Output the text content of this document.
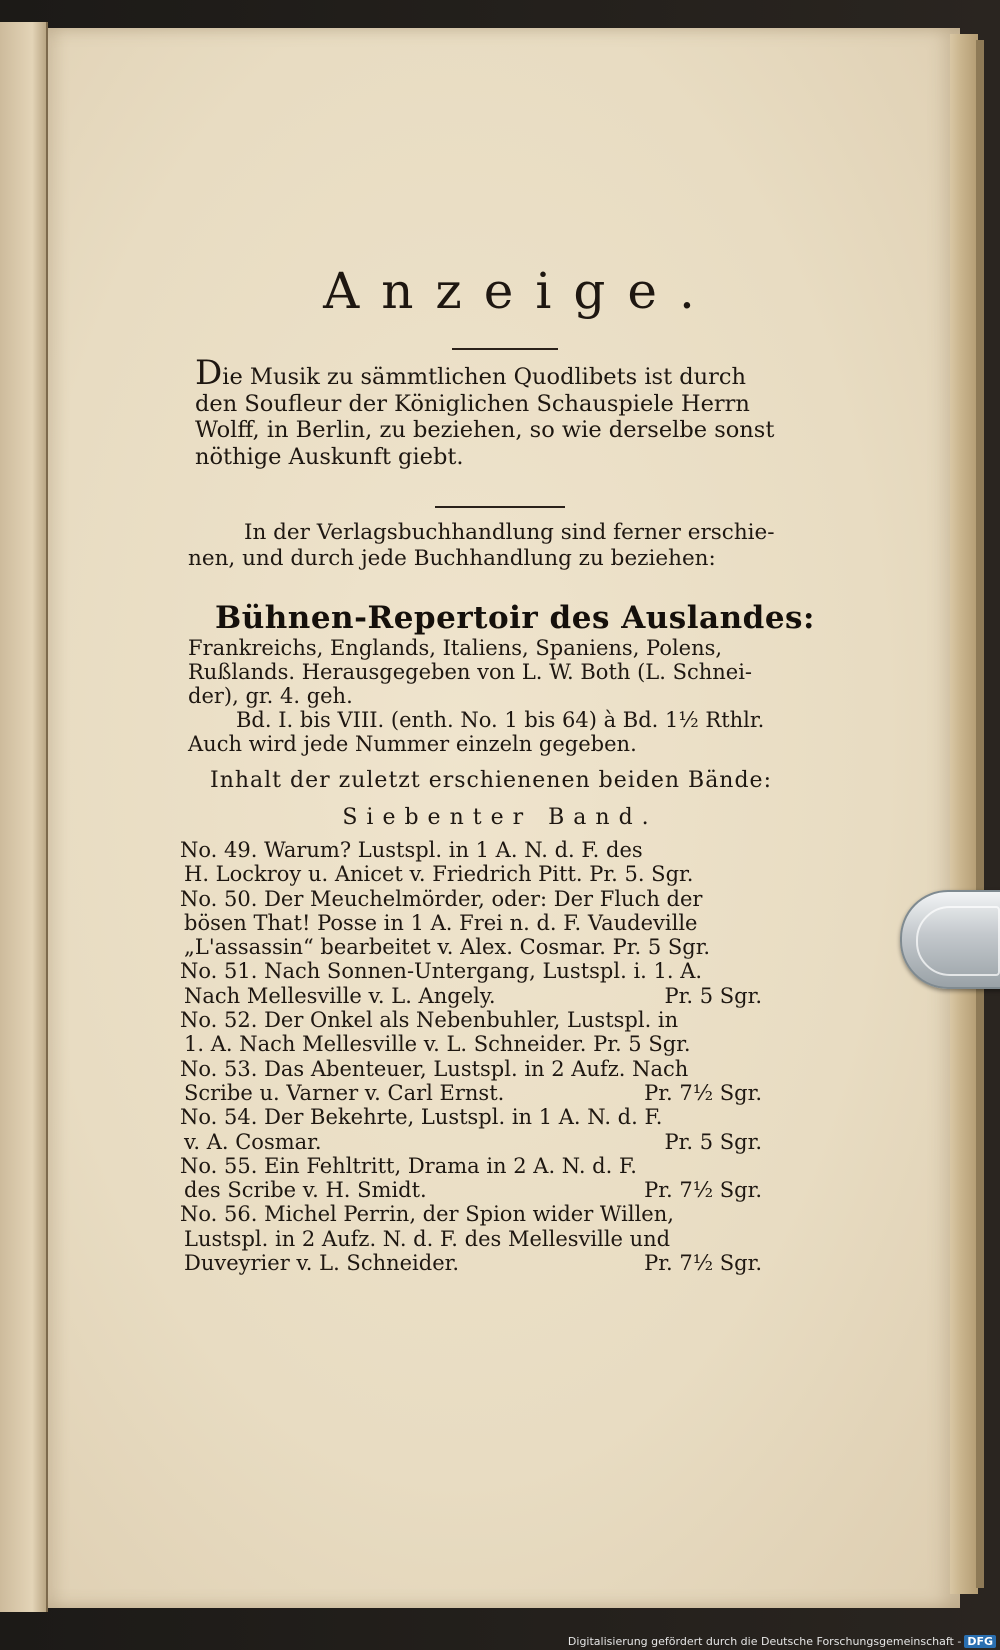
Anzeige.
Die Musik zu sämmtlichen Quodlibets ist durch
den Soufleur der Königlichen Schauspiele Herrn
Wolff, in Berlin, zu beziehen, so wie derselbe sonst
nöthige Auskunft giebt.
In der Verlagsbuchhandlung sind ferner erschie-
nen, und durch jede Buchhandlung zu beziehen:
Bühnen-Repertoir des Auslandes:
Frankreichs, Englands, Italiens, Spaniens, Polens,
Rußlands. Herausgegeben von L. W. Both (L. Schnei-
der), gr. 4. geh.
Bd. I. bis VIII. (enth. No. 1 bis 64) à Bd. 1½ Rthlr.
Auch wird jede Nummer einzeln gegeben.
Inhalt der zuletzt erschienenen beiden Bände:
Siebenter Band.
No. 49. Warum? Lustspl. in 1 A. N. d. F. des
H. Lockroy u. Anicet v. Friedrich Pitt. Pr. 5. Sgr.
No. 50. Der Meuchelmörder, oder: Der Fluch der
bösen That! Posse in 1 A. Frei n. d. F. Vaudeville
„L'assassin“ bearbeitet v. Alex. Cosmar. Pr. 5 Sgr.
No. 51. Nach Sonnen-Untergang, Lustspl. i. 1. A.
Nach Mellesville v. L. Angely.	Pr. 5 Sgr.
No. 52. Der Onkel als Nebenbuhler, Lustspl. in
1. A. Nach Mellesville v. L. Schneider. Pr. 5 Sgr.
No. 53. Das Abenteuer, Lustspl. in 2 Aufz. Nach
Scribe u. Varner v. Carl Ernst.	Pr. 7½ Sgr.
No. 54. Der Bekehrte, Lustspl. in 1 A. N. d. F.
v. A. Cosmar.	Pr. 5 Sgr.
No. 55. Ein Fehltritt, Drama in 2 A. N. d. F.
des Scribe v. H. Smidt.	Pr. 7½ Sgr.
No. 56. Michel Perrin, der Spion wider Willen,
Lustspl. in 2 Aufz. N. d. F. des Mellesville und
Duveyrier v. L. Schneider.	Pr. 7½ Sgr.
Digitalisierung gefördert durch die Deutsche Forschungsgemeinschaft - DFG
